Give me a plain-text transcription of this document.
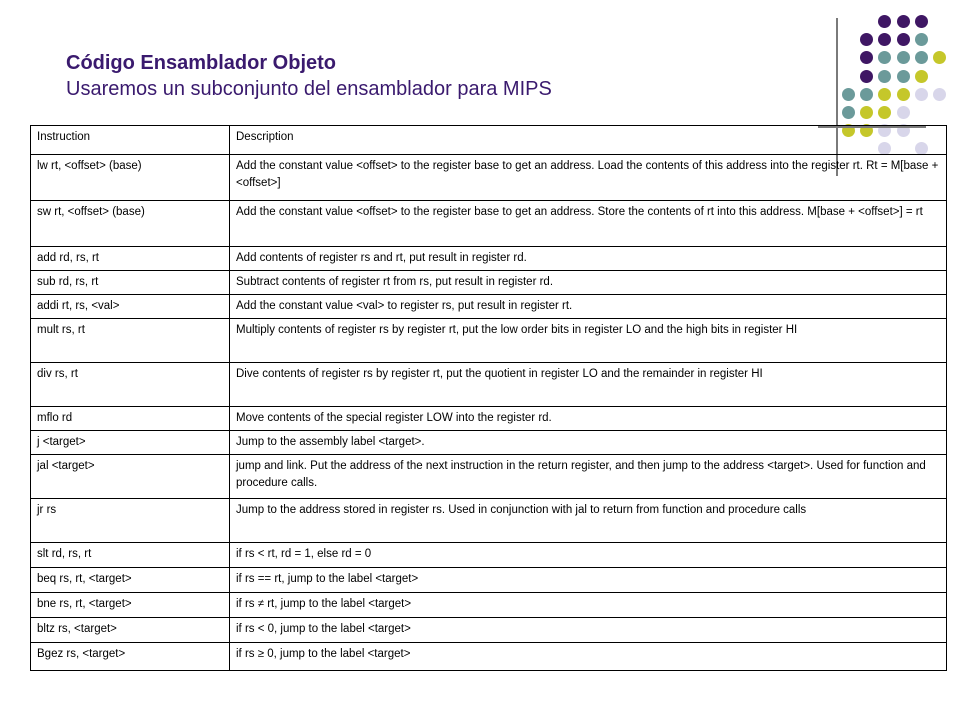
Código Ensamblador Objeto
Usaremos un subconjunto del ensamblador para MIPS
Instruction	Description
lw rt, <offset> (base)	Add the constant value <offset> to the register base to get an address. Load the contents of this address into the register rt. Rt = M[base + <offset>]
sw rt, <offset> (base)	Add the constant value <offset> to the register base to get an address. Store the contents of rt into this address. M[base + <offset>] = rt
add rd, rs, rt	Add contents of register rs and rt, put result in register rd.
sub rd, rs, rt	Subtract contents of register rt from rs, put result in register rd.
addi rt, rs, <val>	Add the constant value <val> to register rs, put result in register rt.
mult rs, rt	Multiply contents of register rs by register rt, put the low order bits in register LO and the high bits in register HI
div rs, rt	Dive contents of register rs by register rt, put the quotient in register LO and the remainder in register HI
mflo rd	Move contents of the special register LOW into the register rd.
j <target>	Jump to the assembly label <target>.
jal <target>	jump and link. Put the address of the next instruction in the return register, and then jump to the address <target>. Used for function and procedure calls.
jr rs	Jump to the address stored in register rs. Used in conjunction with jal to return from function and procedure calls
slt rd, rs, rt	if rs < rt, rd = 1, else rd = 0
beq rs, rt, <target>	if rs == rt, jump to the label <target>
bne rs, rt, <target>	if rs ≠ rt, jump to the label <target>
bltz rs, <target>	if rs < 0, jump to the label <target>
Bgez rs, <target>	if rs ≥ 0, jump to the label <target>
